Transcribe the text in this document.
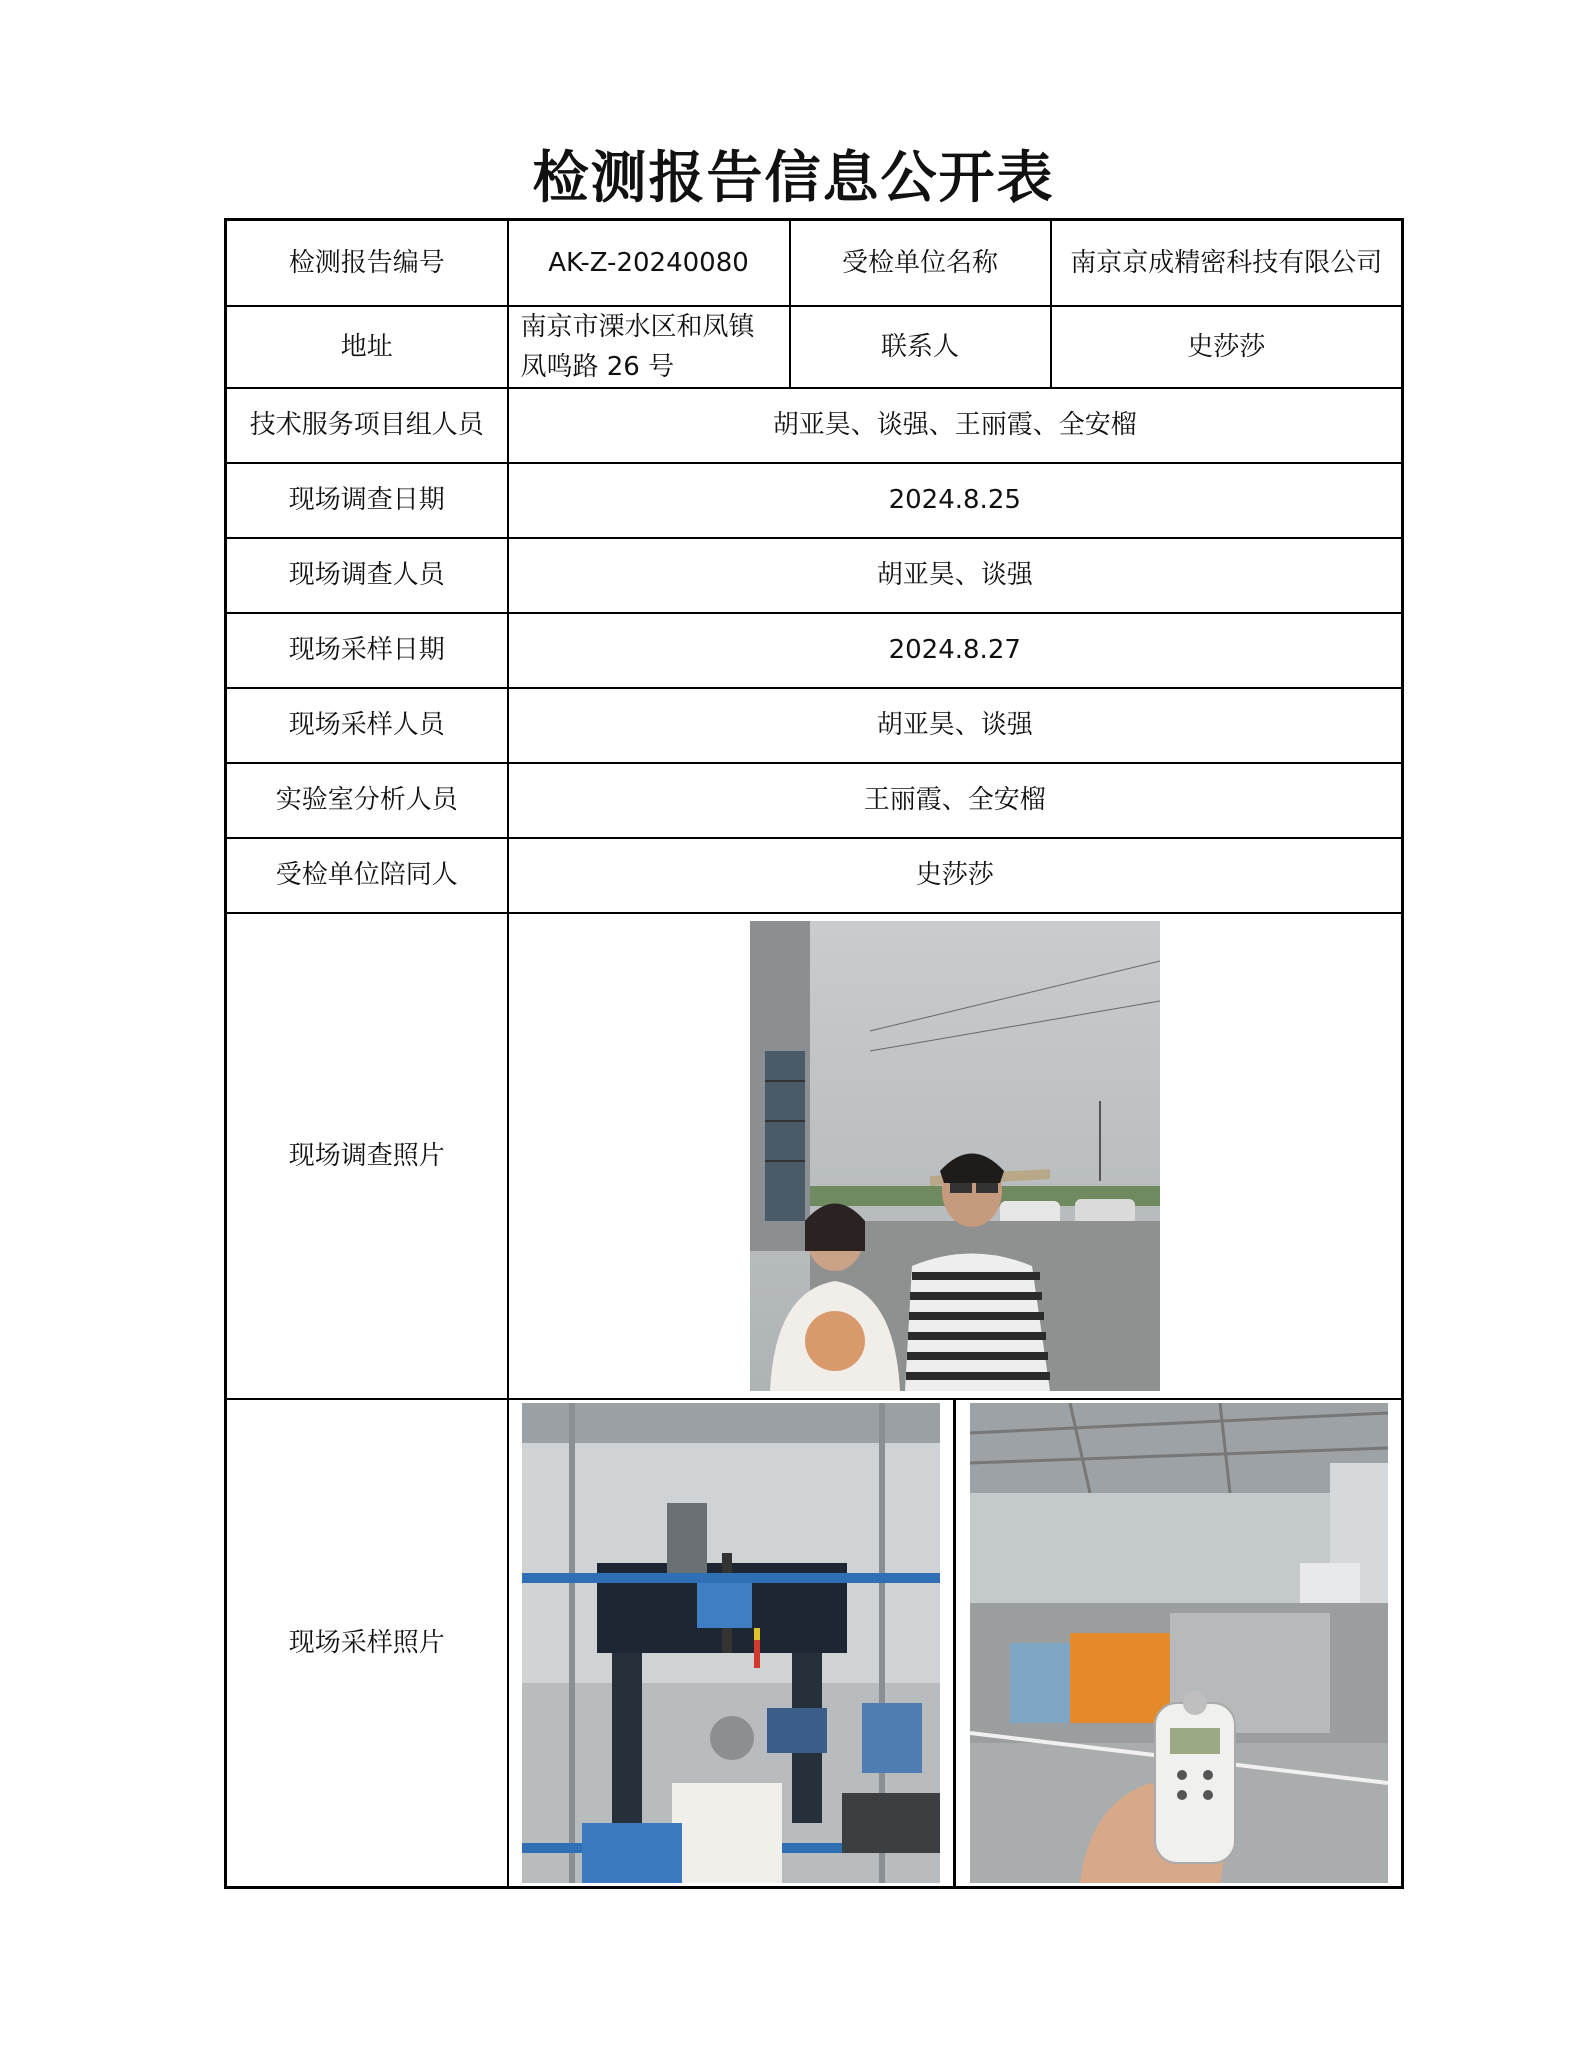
检测报告信息公开表
检测报告编号	AK-Z-20240080	受检单位名称	南京京成精密科技有限公司
地址	南京市溧水区和凤镇凤鸣路 26 号	联系人	史莎莎
技术服务项目组人员	胡亚昊、谈强、王丽霞、全安榴		
现场调查日期	2024.8.25		
现场调查人员	胡亚昊、谈强		
现场采样日期	2024.8.27		
现场采样人员	胡亚昊、谈强		
实验室分析人员	王丽霞、全安榴		
受检单位陪同人	史莎莎		
现场调查照片	

现场采样照片	
